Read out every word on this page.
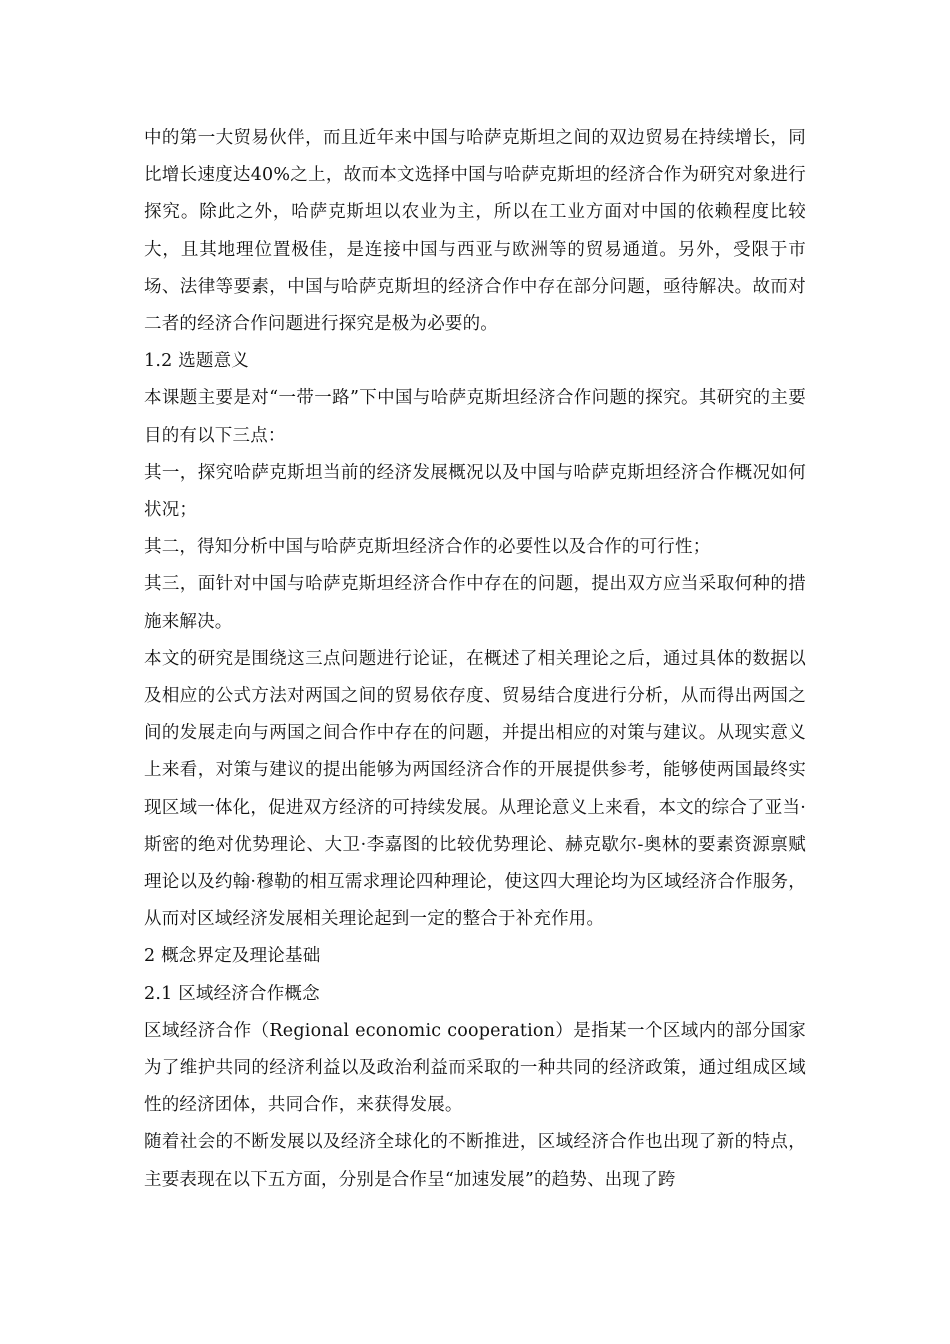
中的第一大贸易伙伴，而且近年来中国与哈萨克斯坦之间的双边贸易在持续增长，同比增长速度达40%之上，故而本文选择中国与哈萨克斯坦的经济合作为研究对象进行探究。除此之外，哈萨克斯坦以农业为主，所以在工业方面对中国的依赖程度比较大，且其地理位置极佳，是连接中国与西亚与欧洲等的贸易通道。另外，受限于市场、法律等要素，中国与哈萨克斯坦的经济合作中存在部分问题，亟待解决。故而对二者的经济合作问题进行探究是极为必要的。

1.2 选题意义

本课题主要是对“一带一路”下中国与哈萨克斯坦经济合作问题的探究。其研究的主要目的有以下三点：

其一，探究哈萨克斯坦当前的经济发展概况以及中国与哈萨克斯坦经济合作概况如何状况；

其二，得知分析中国与哈萨克斯坦经济合作的必要性以及合作的可行性；

其三，面针对中国与哈萨克斯坦经济合作中存在的问题，提出双方应当采取何种的措施来解决。

本文的研究是围绕这三点问题进行论证，在概述了相关理论之后，通过具体的数据以及相应的公式方法对两国之间的贸易依存度、贸易结合度进行分析，从而得出两国之间的发展走向与两国之间合作中存在的问题，并提出相应的对策与建议。从现实意义上来看，对策与建议的提出能够为两国经济合作的开展提供参考，能够使两国最终实现区域一体化，促进双方经济的可持续发展。从理论意义上来看，本文的综合了亚当·斯密的绝对优势理论、大卫·李嘉图的比较优势理论、赫克歇尔-奥林的要素资源禀赋理论以及约翰·穆勒的相互需求理论四种理论，使这四大理论均为区域经济合作服务，从而对区域经济发展相关理论起到一定的整合于补充作用。

2 概念界定及理论基础

2.1 区域经济合作概念

区域经济合作（Regional economic cooperation）是指某一个区域内的部分国家为了维护共同的经济利益以及政治利益而采取的一种共同的经济政策，通过组成区域性的经济团体，共同合作，来获得发展。

随着社会的不断发展以及经济全球化的不断推进，区域经济合作也出现了新的特点，主要表现在以下五方面，分别是合作呈“加速发展”的趋势、出现了跨
